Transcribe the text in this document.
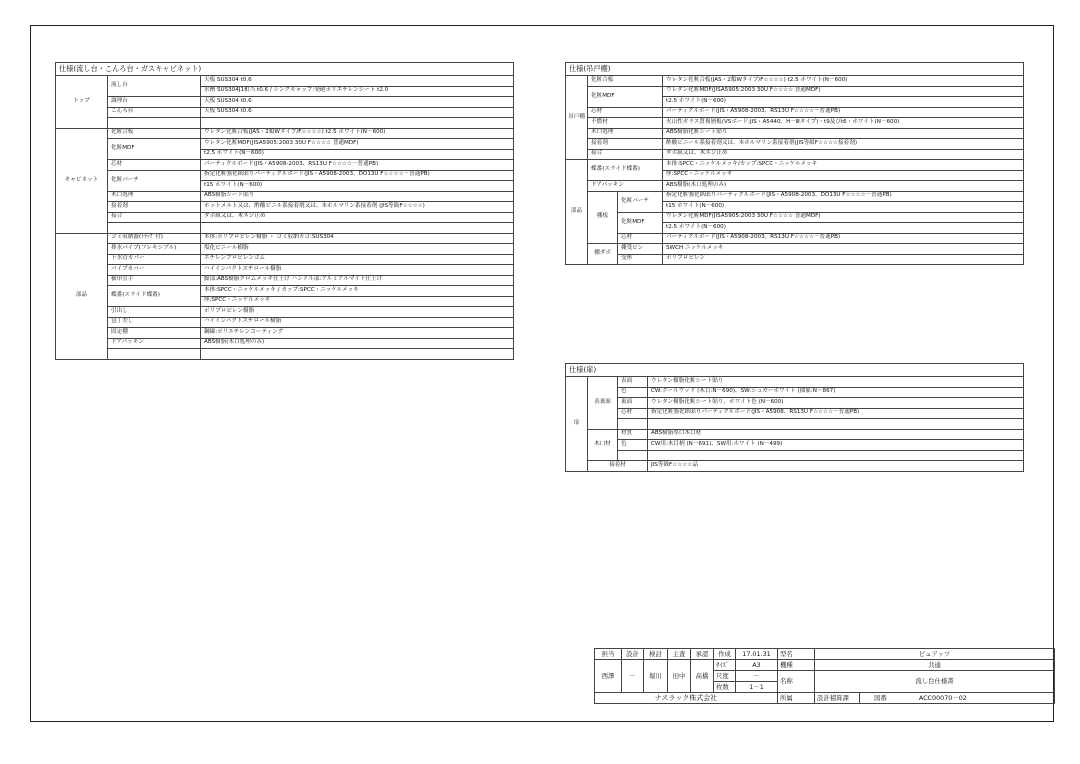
仕様(流し台・こんろ台・ガスキャビネット)		
トップ	流し台	天板 SUS304 t0.6
		水槽 SUS304J1相当 t0.6 / シンクキャップ:発砲ポリエチレンシート t2.0
	調理台	天板 SUS304 t0.6
	こんろ台	天板 SUS304 t0.6

キャビネット	化粧合板	ウレタン化粧合板(JAS・2類Wタイプ/F☆☆☆☆) t2.5 ホワイト(N－600)
	化粧MDF	ウレタン化粧MDF(JISA5905:2003 30U F☆☆☆☆ 普通MDF)
		t2.5 ホワイト(N－600)
	芯材	パーティクルボード(JIS・A5908-2003、RS13U F☆☆☆☆－普通PB)
	化粧パーチ	指定化粧強化紙貼りパーティクルボード(JIS・A5908-2003、DO13U F☆☆☆☆－普通PB)
		t15 ホワイト(N－600)
	木口処理	ABS樹脂シート貼り
	接着剤	ホットメルト又は、酢酸ビニル系接着剤又は、本ホルマリン系接着剤 (JIS等級F☆☆☆☆)
	接合	ダボ組又は、木ネジ止め

部品	ゴミ収納器(ﾄﾗｯﾌﾟ付)	本体:ポリプロピレン樹脂 ・ ゴミ収納カゴ:SUS304
	排水パイプ(フレキシブル)	塩化ビニール樹脂
	下水管カバー	エチレンプロピレンゴム
	パイプカバー	ハイインパクトスチロール樹脂
	横串引手	脚部:ABS樹脂クロムメッキ仕上げ ハンドル部:アルミアルマイト仕上げ
	蝶番(スライド蝶番)	本体:SPCC・ニッケルメッキ / カップ:SPCC・ニッケルメッキ
		座:SPCC・ニッケルメッキ
	引出し	ポリプロピレン樹脂
	包丁差し	ハイインパクトスチロール樹脂
	固定棚	鋼線:ポリエチレンコーティング
	ドアパッキン	ABS樹脂(木口処理のみ)

仕様(吊戸棚)			
吊戸棚	化粧合板		ウレタン化粧合板(JAS・2類Wタイプ/F☆☆☆☆) t2.5 ホワイト(N－600)
	化粧MDF		ウレタン化粧MDF(JISA5905:2003 30U F☆☆☆☆ 普通MDF)
			t2.5 ホワイト(N－600)
	芯材		パーティクルボード(JIS・A5908-2003、RS13U F☆☆☆☆－普通PB)
	不燃材		火山性ガラス質複層板(VSボード:JIS・A5440、H－Ⅲタイプ)・t9及びt6・ホワイト(N－600)
	木口処理		ABS樹脂化粧シート貼り
	接着剤		酢酸ビニール系接着剤又は、本ホルマリン系接着剤(JIS等級F☆☆☆☆接着剤)
	接合		ダボ組又は、木ネジ止め
部品	蝶番(スライド蝶番)		本体:SPCC・ニッケルメッキ/カップ:SPCC・ニッケルメッキ
			座:SPCC・ニッケルメッキ
	ドアパッキン		ABS樹脂(木口処理のみ)
	棚板	化粧パーチ	指定化粧強化紙貼りパーティクルボード(JIS・A5908-2003、DO13U F☆☆☆☆－普通PB)
			t15 ホワイト(N－600)
		化粧MDF	ウレタン化粧MDF(JISA5905:2003 30U F☆☆☆☆ 普通MDF)
			t2.5 ホワイト(N－600)
		芯材	パーティクルボード(JIS・A5908-2003、RS13U F☆☆☆☆－普通PB)
	棚ダボ	棚受ピン	SWCH ニッケルメッキ
		受座	ポリプロピレン
仕様(扉)			
扉	表裏面	表面	ウレタン樹脂化粧シート貼り
		色	CW:クールウッド (木目:N－690)、SW:シュガーホワイト (抽象:N－867)
		裏面	ウレタン樹脂化粧シート貼り、ホワイト色 (N－600)
		芯材	指定化粧強化紙貼りパーティクルボード(JIS・A5908、RS13U F☆☆☆☆－普通PB)

	木口材	材質	ABS樹脂厚口木口材
		色	CW用:木目柄 (N－691)、SW用:ホワイト (N－499)

	接着材		JIS等級F☆☆☆☆品
担当	設計	検討	主査	承認	作成	17.01.31	型名	ピュアッツ	
西澤	－	堀川	田中	高橋	ｻｲｽﾞ	A3	機種	共通	
					尺度	－	名称	流し台仕様書	
					枚数	1－1			
ナスラック株式会社							所属	設計積算課	図番 ACC00070－02
